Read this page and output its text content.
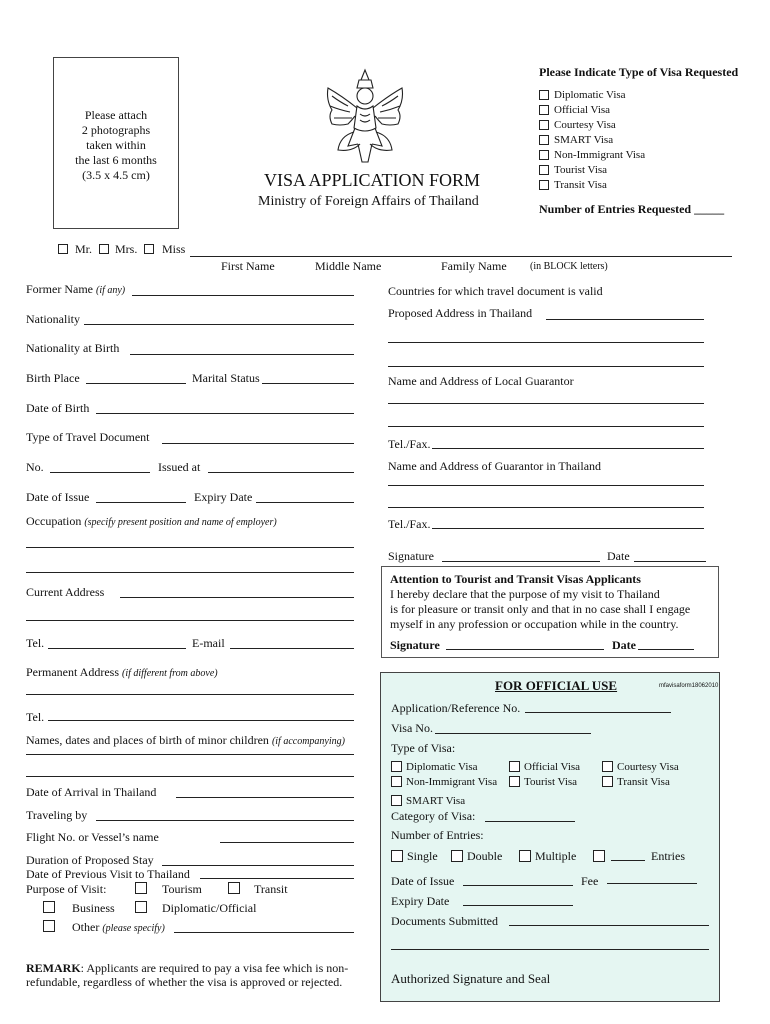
Please attach
2 photographs
taken within
the last 6 months
(3.5 x 4.5 cm)	VISA APPLICATION FORM
Ministry of Foreign Affairs of Thailand
Please Indicate Type of Visa Requested
Diplomatic Visa
Official Visa
Courtesy Visa
SMART Visa
Non-Immigrant Visa
Tourist Visa
Transit Visa
Number of Entries Requested _____
Mr. Mrs. Miss
First Name	Middle Name	Family Name (in BLOCK letters)
Former Name (if any)
Nationality
Nationality at Birth
Birth Place	Marital Status
Date of Birth
Type of Travel Document
No.	Issued at
Date of Issue	Expiry Date
Occupation (specify present position and name of employer)
Current Address
Tel.	E-mail
Permanent Address (if different from above)
Tel.
Names, dates and places of birth of minor children (if accompanying)
Date of Arrival in Thailand
Traveling by
Flight No. or Vessel’s name
Duration of Proposed Stay
Date of Previous Visit to Thailand
Purpose of Visit:	Tourism	Transit
Business	Diplomatic/Official
Other (please specify)
REMARK: Applicants are required to pay a visa fee which is non-
refundable, regardless of whether the visa is approved or rejected.
Countries for which travel document is valid
Proposed Address in Thailand
Name and Address of Local Guarantor
Tel./Fax.
Name and Address of Guarantor in Thailand
Tel./Fax.
Signature	Date
Attention to Tourist and Transit Visas Applicants
I hereby declare that the purpose of my visit to Thailand
is for pleasure or transit only and that in no case shall I engage
myself in any profession or occupation while in the country.
Signature	Date
FOR OFFICIAL USE	mfavisaform18062010
Application/Reference No.
Visa No.
Type of Visa:
Diplomatic Visa	Official Visa	Courtesy Visa
Non-Immigrant Visa Tourist Visa	Transit Visa
SMART Visa
Category of Visa:
Number of Entries:
Single Double	Multiple	Entries
Date of Issue	Fee
Expiry Date
Documents Submitted
Authorized Signature and Seal
